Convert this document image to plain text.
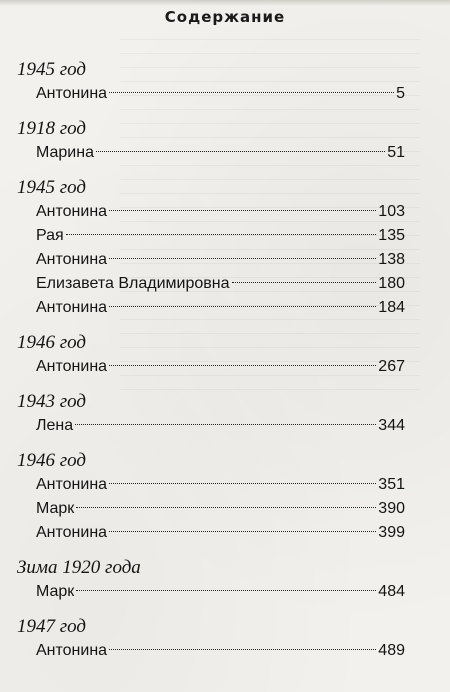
Содержание
1945 год
Антонина	5
1918 год
Марина	51
1945 год
Антонина	103
Рая	135
Антонина	138
Елизавета Владимировна	180
Антонина	184
1946 год
Антонина	267
1943 год
Лена	344
1946 год
Антонина	351
Марк	390
Антонина	399
Зима 1920 года
Марк	484
1947 год
Антонина	489
